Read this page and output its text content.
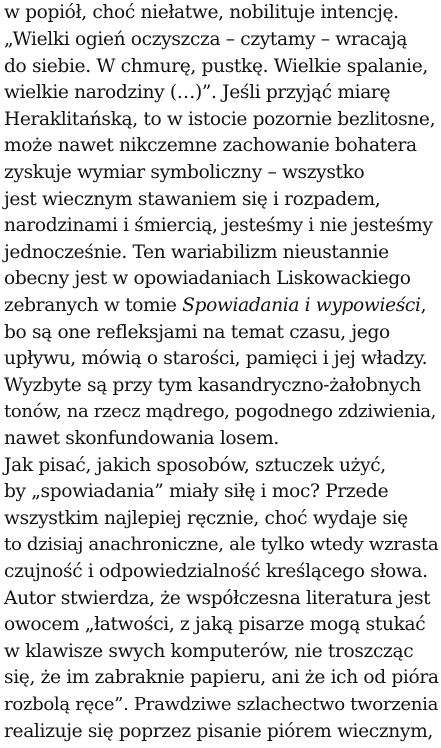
w popiół, choć niełatwe, nobilituje intencję.
„Wielki ogień oczyszcza – czytamy – wracają
do siebie. W chmurę, pustkę. Wielkie spalanie,
wielkie narodziny (…)”. Jeśli przyjąć miarę
Heraklitańską, to w istocie pozornie bezlitosne,
może nawet nikczemne zachowanie bohatera
zyskuje wymiar symboliczny – wszystko
jest wiecznym stawaniem się i rozpadem,
narodzinami i śmiercią, jesteśmy i nie jesteśmy
jednocześnie. Ten wariabilizm nieustannie
obecny jest w opowiadaniach Liskowackiego
zebranych w tomie Spowiadania i wypowieści,
bo są one refleksjami na temat czasu, jego
upływu, mówią o starości, pamięci i jej władzy.
Wyzbyte są przy tym kasandryczno-żałobnych
tonów, na rzecz mądrego, pogodnego zdziwienia,
nawet skonfundowania losem.
Jak pisać, jakich sposobów, sztuczek użyć,
by „spowiadania” miały siłę i moc? Przede
wszystkim najlepiej ręcznie, choć wydaje się
to dzisiaj anachroniczne, ale tylko wtedy wzrasta
czujność i odpowiedzialność kreślącego słowa.
Autor stwierdza, że współczesna literatura jest
owocem „łatwości, z jaką pisarze mogą stukać
w klawisze swych komputerów, nie troszcząc
się, że im zabraknie papieru, ani że ich od pióra
rozbolą ręce”. Prawdziwe szlachectwo tworzenia
realizuje się poprzez pisanie piórem wiecznym,
